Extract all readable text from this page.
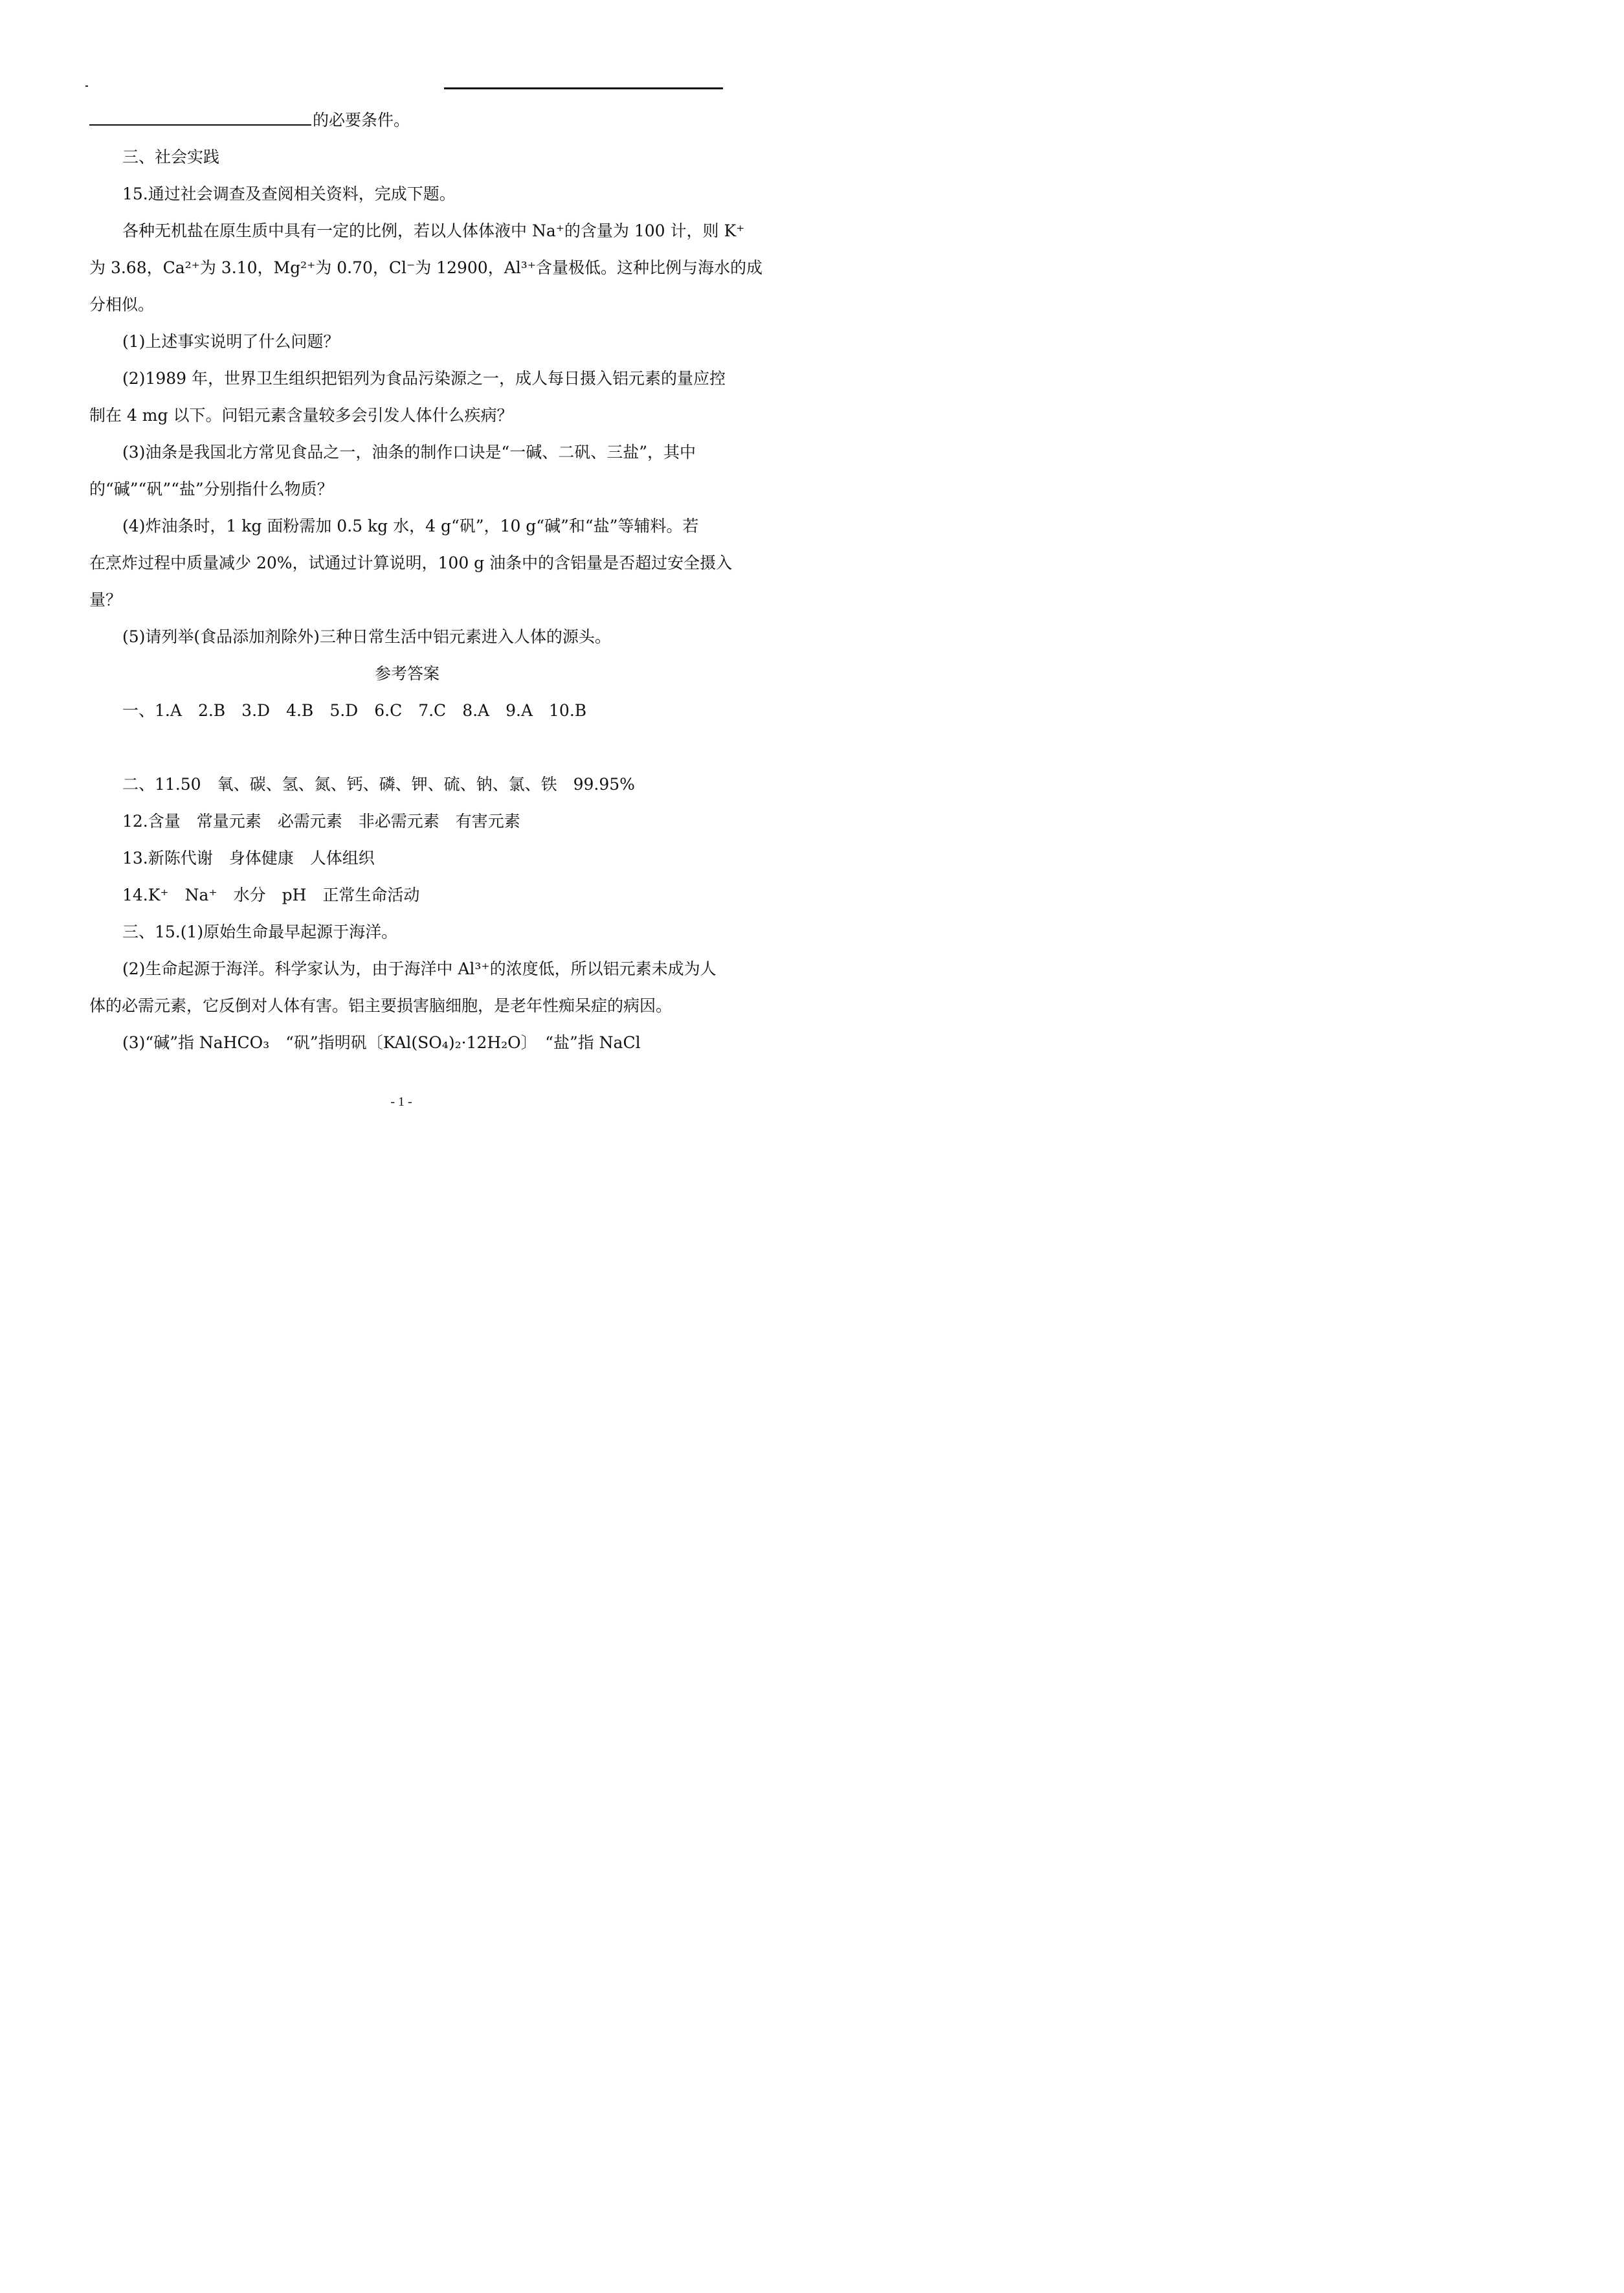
的必要条件。

三、社会实践

15.通过社会调查及查阅相关资料，完成下题。

各种无机盐在原生质中具有一定的比例，若以人体体液中 Na⁺的含量为 100 计，则 K⁺

为 3.68，Ca²⁺为 3.10，Mg²⁺为 0.70，Cl⁻为 12900，Al³⁺含量极低。这种比例与海水的成

分相似。

(1)上述事实说明了什么问题？

(2)1989 年，世界卫生组织把铝列为食品污染源之一，成人每日摄入铝元素的量应控

制在 4 mg 以下。问铝元素含量较多会引发人体什么疾病？

(3)油条是我国北方常见食品之一，油条的制作口诀是“一碱、二矾、三盐”，其中

的“碱”“矾”“盐”分别指什么物质？

(4)炸油条时，1 kg 面粉需加 0.5 kg 水，4 g“矾”，10 g“碱”和“盐”等辅料。若

在烹炸过程中质量减少 20%，试通过计算说明，100 g 油条中的含铝量是否超过安全摄入

量？

(5)请列举(食品添加剂除外)三种日常生活中铝元素进入人体的源头。

参考答案

一、1.A 2.B 3.D 4.B 5.D 6.C 7.C 8.A 9.A 10.B

二、11.50　氧、碳、氢、氮、钙、磷、钾、硫、钠、氯、铁　99.95%

12.含量　常量元素　必需元素　非必需元素　有害元素

13.新陈代谢　身体健康　人体组织

14.K⁺　Na⁺　水分　pH　正常生命活动

三、15.(1)原始生命最早起源于海洋。

(2)生命起源于海洋。科学家认为，由于海洋中 Al³⁺的浓度低，所以铝元素未成为人

体的必需元素，它反倒对人体有害。铝主要损害脑细胞，是老年性痴呆症的病因。

(3)“碱”指 NaHCO₃　“矾”指明矾〔KAl(SO₄)₂·12H₂O〕　“盐”指 NaCl

- 1 -
